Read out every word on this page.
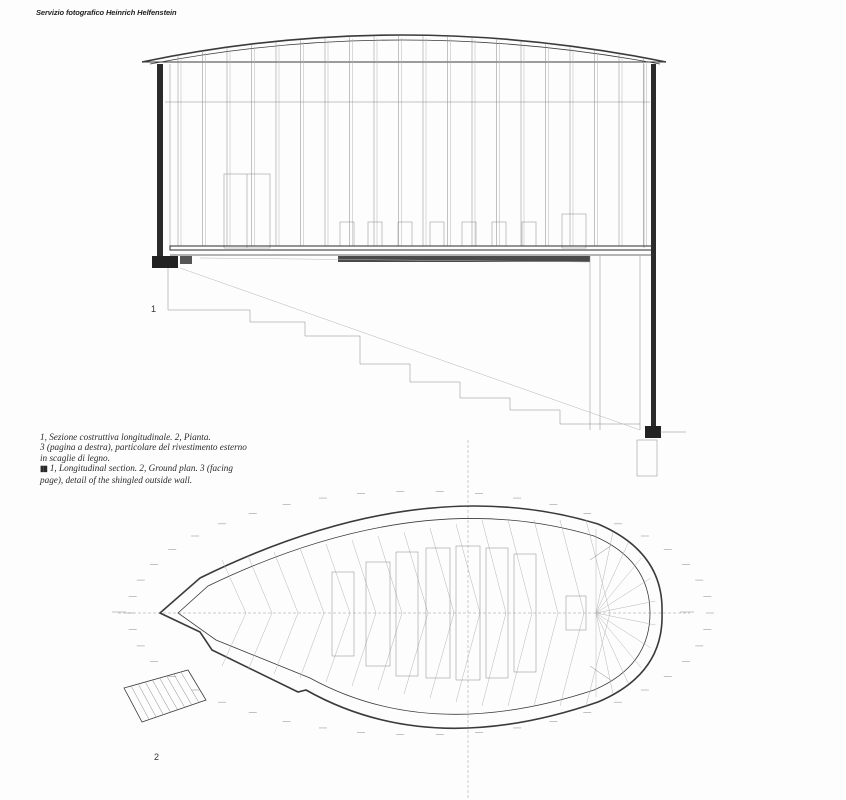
Servizio fotografico Heinrich Helfenstein
1
2

1, Sezione costruttiva longitudinale. 2, Pianta.

3 (pagina a destra), particolare del rivestimento esterno

in scaglie di legno.

▮▮ 1, Longitudinal section. 2, Ground plan. 3 (facing

page), detail of the shingled outside wall.
